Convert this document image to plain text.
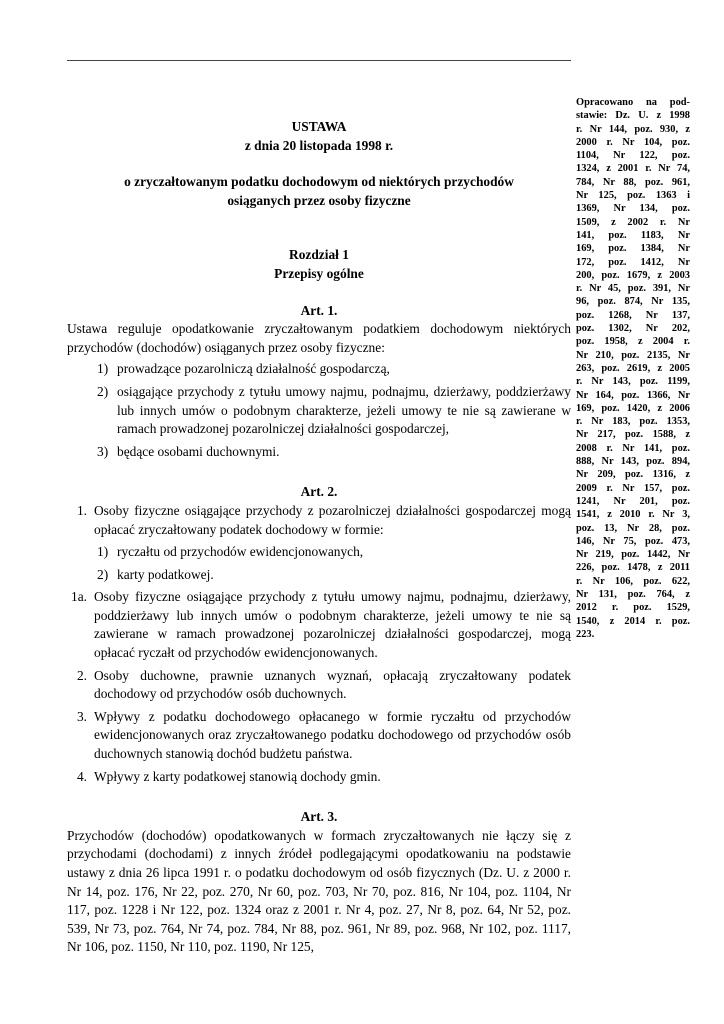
USTAWA
z dnia 20 listopada 1998 r.
o zryczałtowanym podatku dochodowym od niektórych przychodów
osiąganych przez osoby fizyczne
Rozdział 1
Przepisy ogólne
Art. 1.

Ustawa reguluje opodatkowanie zryczałtowanym podatkiem dochodowym niektórych przychodów (dochodów) osiąganych przez osoby fizyczne:

1) prowadzące pozarolniczą działalność gospodarczą,
2) osiągające przychody z tytułu umowy najmu, podnajmu, dzierżawy, poddzierżawy lub innych umów o podobnym charakterze, jeżeli umowy te nie są zawierane w ramach prowadzonej pozarolniczej działalności gospodarczej,
3) będące osobami duchownymi.
Art. 2.
1. Osoby fizyczne osiągające przychody z pozarolniczej działalności gospodarczej mogą opłacać zryczałtowany podatek dochodowy w formie:
1) ryczałtu od przychodów ewidencjonowanych,
2) karty podatkowej.
1a. Osoby fizyczne osiągające przychody z tytułu umowy najmu, podnajmu, dzierżawy, poddzierżawy lub innych umów o podobnym charakterze, jeżeli umowy te nie są zawierane w ramach prowadzonej pozarolniczej działalności gospodarczej, mogą opłacać ryczałt od przychodów ewidencjonowanych.
2. Osoby duchowne, prawnie uznanych wyznań, opłacają zryczałtowany podatek dochodowy od przychodów osób duchownych.
3. Wpływy z podatku dochodowego opłacanego w formie ryczałtu od przychodów ewidencjonowanych oraz zryczałtowanego podatku dochodowego od przychodów osób duchownych stanowią dochód budżetu państwa.
4. Wpływy z karty podatkowej stanowią dochody gmin.
Art. 3.

Przychodów (dochodów) opodatkowanych w formach zryczałtowanych nie łączy się z przychodami (dochodami) z innych źródeł podlegającymi opodatkowaniu na podstawie ustawy z dnia 26 lipca 1991 r. o podatku dochodowym od osób fizycznych (Dz. U. z 2000 r. Nr 14, poz. 176, Nr 22, poz. 270, Nr 60, poz. 703, Nr 70, poz. 816, Nr 104, poz. 1104, Nr 117, poz. 1228 i Nr 122, poz. 1324 oraz z 2001 r. Nr 4, poz. 27, Nr 8, poz. 64, Nr 52, poz. 539, Nr 73, poz. 764, Nr 74, poz. 784, Nr 88, poz. 961, Nr 89, poz. 968, Nr 102, poz. 1117, Nr 106, poz. 1150, Nr 110, poz. 1190, Nr 125,

Opracowano na pod-
stawie: Dz. U. z 1998
r. Nr 144, poz. 930, z
2000 r. Nr 104, poz.
1104, Nr 122, poz.
1324, z 2001 r. Nr 74,
784, Nr 88, poz. 961,
Nr 125, poz. 1363 i
1369, Nr 134, poz.
1509, z 2002 r. Nr
141, poz. 1183, Nr
169, poz. 1384, Nr
172, poz. 1412, Nr
200, poz. 1679, z 2003
r. Nr 45, poz. 391, Nr
96, poz. 874, Nr 135,
poz. 1268, Nr 137,
poz. 1302, Nr 202,
poz. 1958, z 2004 r.
Nr 210, poz. 2135, Nr
263, poz. 2619, z 2005
r. Nr 143, poz. 1199,
Nr 164, poz. 1366, Nr
169, poz. 1420, z 2006
r. Nr 183, poz. 1353,
Nr 217, poz. 1588, z
2008 r. Nr 141, poz.
888, Nr 143, poz. 894,
Nr 209, poz. 1316, z
2009 r. Nr 157, poz.
1241, Nr 201, poz.
1541, z 2010 r. Nr 3,
poz. 13, Nr 28, poz.
146, Nr 75, poz. 473,
Nr 219, poz. 1442, Nr
226, poz. 1478, z 2011
r. Nr 106, poz. 622,
Nr 131, poz. 764, z
2012 r. poz. 1529,
1540, z 2014 r. poz.
223.
